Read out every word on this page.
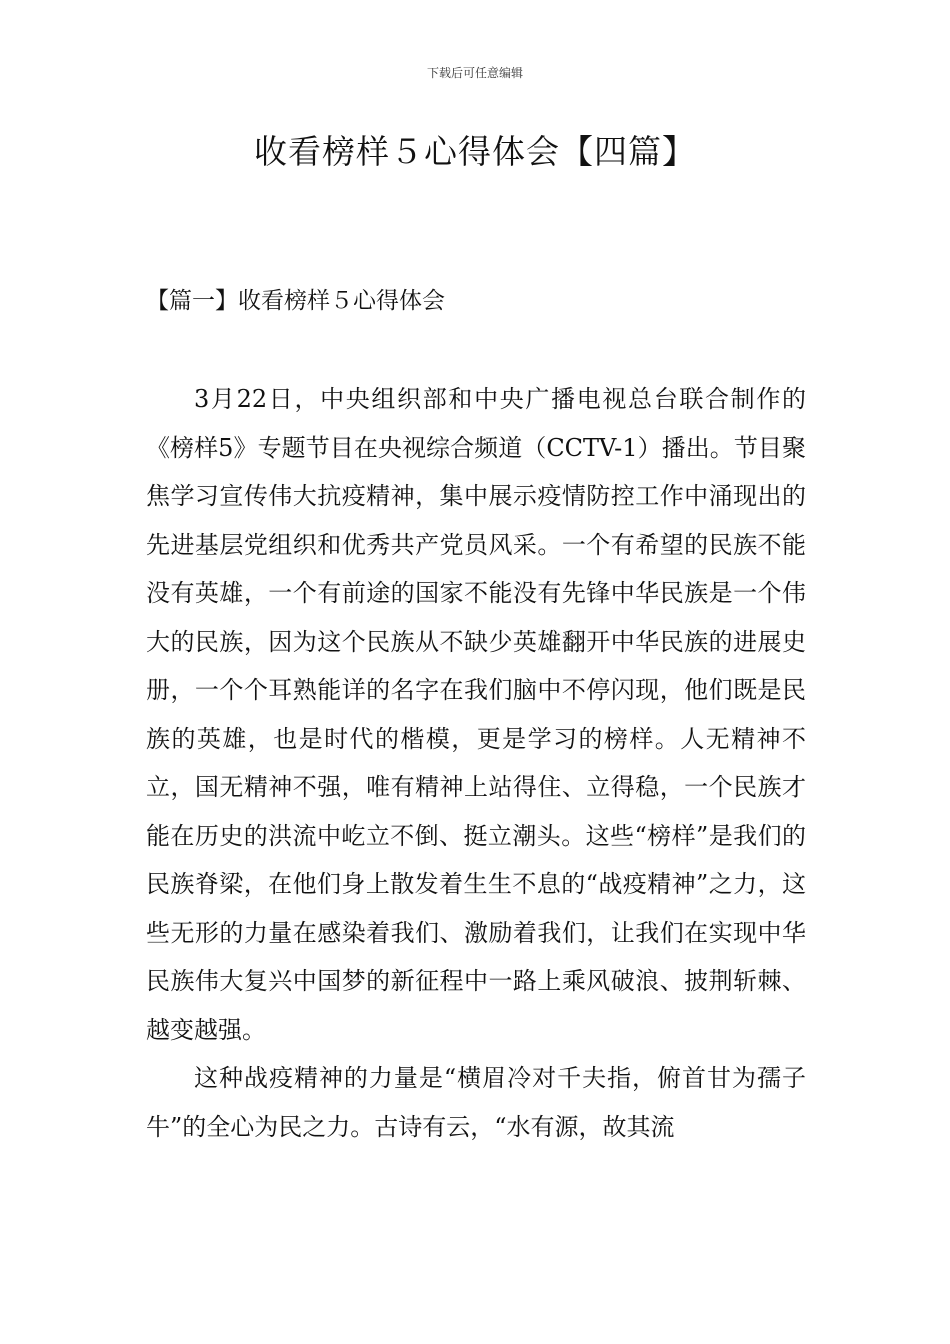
下载后可任意编辑
收看榜样５心得体会【四篇】
【篇一】收看榜样５心得体会

3月22日，中央组织部和中央广播电视总台联合制作的《榜样5》专题节目在央视综合频道（CCTV-1）播出。节目聚焦学习宣传伟大抗疫精神，集中展示疫情防控工作中涌现出的先进基层党组织和优秀共产党员风采。一个有希望的民族不能没有英雄，一个有前途的国家不能没有先锋中华民族是一个伟大的民族，因为这个民族从不缺少英雄翻开中华民族的进展史册，一个个耳熟能详的名字在我们脑中不停闪现，他们既是民族的英雄，也是时代的楷模，更是学习的榜样。人无精神不立，国无精神不强，唯有精神上站得住、立得稳，一个民族才能在历史的洪流中屹立不倒、挺立潮头。这些“榜样”是我们的民族脊梁，在他们身上散发着生生不息的“战疫精神”之力，这些无形的力量在感染着我们、激励着我们，让我们在实现中华民族伟大复兴中国梦的新征程中一路上乘风破浪、披荆斩棘、越变越强。

这种战疫精神的力量是“横眉冷对千夫指，俯首甘为孺子牛”的全心为民之力。古诗有云，“水有源，故其流
